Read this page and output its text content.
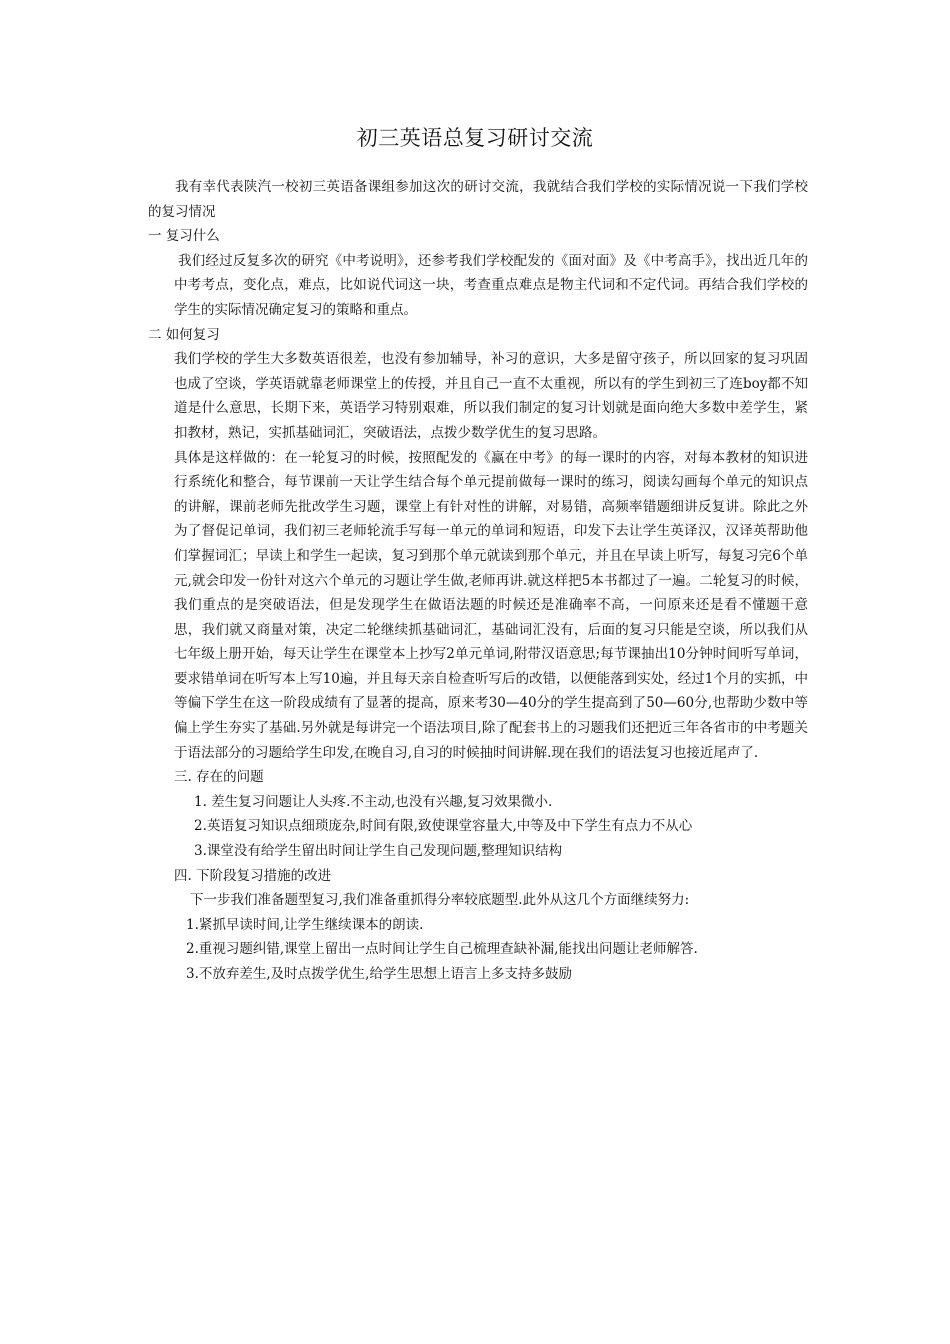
初三英语总复习研讨交流

我有幸代表陕汽一校初三英语备课组参加这次的研讨交流，我就结合我们学校的实际情况说一下我们学校的复习情况

一 复习什么

我们经过反复多次的研究《中考说明》，还参考我们学校配发的《面对面》及《中考高手》，找出近几年的中考考点，变化点，难点，比如说代词这一块，考查重点难点是物主代词和不定代词。再结合我们学校的学生的实际情况确定复习的策略和重点。

二 如何复习

我们学校的学生大多数英语很差，也没有参加辅导，补习的意识，大多是留守孩子，所以回家的复习巩固也成了空谈，学英语就靠老师课堂上的传授，并且自己一直不太重视，所以有的学生到初三了连boy都不知道是什么意思，长期下来，英语学习特别艰难，所以我们制定的复习计划就是面向绝大多数中差学生，紧扣教材，熟记，实抓基础词汇，突破语法，点拨少数学优生的复习思路。

具体是这样做的：在一轮复习的时候，按照配发的《赢在中考》的每一课时的内容，对每本教材的知识进行系统化和整合，每节课前一天让学生结合每个单元提前做每一课时的练习，阅读勾画每个单元的知识点的讲解，课前老师先批改学生习题，课堂上有针对性的讲解，对易错，高频率错题细讲反复讲。除此之外为了督促记单词，我们初三老师轮流手写每一单元的单词和短语，印发下去让学生英译汉，汉译英帮助他们掌握词汇；早读上和学生一起读，复习到那个单元就读到那个单元，并且在早读上听写，每复习完6个单元,就会印发一份针对这六个单元的习题让学生做,老师再讲.就这样把5本书都过了一遍。二轮复习的时候，我们重点的是突破语法，但是发现学生在做语法题的时候还是准确率不高，一问原来还是看不懂题干意思，我们就又商量对策，决定二轮继续抓基础词汇，基础词汇没有，后面的复习只能是空谈，所以我们从七年级上册开始，每天让学生在课堂本上抄写2单元单词,附带汉语意思;每节课抽出10分钟时间听写单词，要求错单词在听写本上写10遍，并且每天亲自检查听写后的改错，以便能落到实处，经过1个月的实抓，中等偏下学生在这一阶段成绩有了显著的提高，原来考30—40分的学生提高到了50—60分,也帮助少数中等偏上学生夯实了基础.另外就是每讲完一个语法项目,除了配套书上的习题我们还把近三年各省市的中考题关于语法部分的习题给学生印发,在晚自习,自习的时候抽时间讲解.现在我们的语法复习也接近尾声了.

三. 存在的问题

1. 差生复习问题让人头疼.不主动,也没有兴趣,复习效果微小.

2.英语复习知识点细琐庞杂,时间有限,致使课堂容量大,中等及中下学生有点力不从心

3.课堂没有给学生留出时间让学生自己发现问题,整理知识结构

四. 下阶段复习措施的改进

下一步我们准备题型复习,我们准备重抓得分率较底题型.此外从这几个方面继续努力:

1.紧抓早读时间,让学生继续课本的朗读.

2.重视习题纠错,课堂上留出一点时间让学生自己梳理查缺补漏,能找出问题让老师解答.

3.不放弃差生,及时点拨学优生,给学生思想上语言上多支持多鼓励
